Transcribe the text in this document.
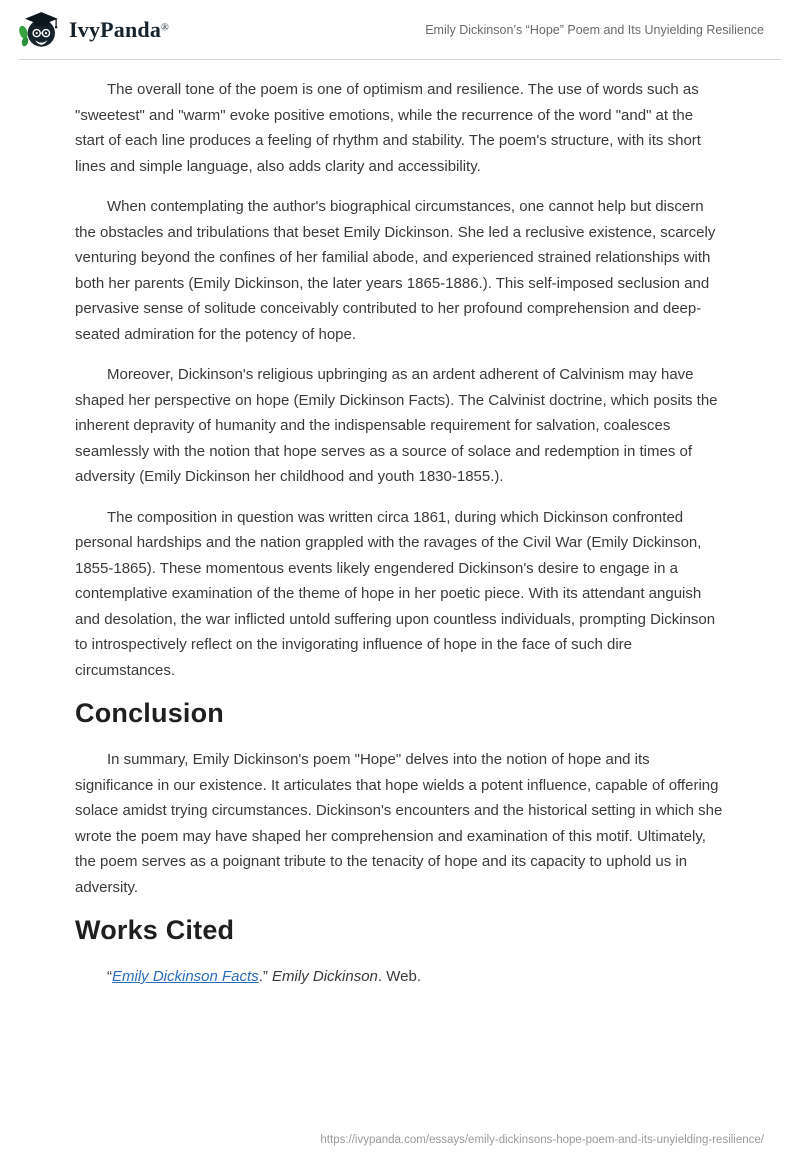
IvyPanda®	Emily Dickinson’s “Hope” Poem and Its Unyielding Resilience

The overall tone of the poem is one of optimism and resilience. The use of words such as "sweetest" and "warm" evoke positive emotions, while the recurrence of the word "and" at the start of each line produces a feeling of rhythm and stability. The poem's structure, with its short lines and simple language, also adds clarity and accessibility.

When contemplating the author's biographical circumstances, one cannot help but discern the obstacles and tribulations that beset Emily Dickinson. She led a reclusive existence, scarcely venturing beyond the confines of her familial abode, and experienced strained relationships with both her parents (Emily Dickinson, the later years 1865-1886.). This self-imposed seclusion and pervasive sense of solitude conceivably contributed to her profound comprehension and deep-seated admiration for the potency of hope.

Moreover, Dickinson's religious upbringing as an ardent adherent of Calvinism may have shaped her perspective on hope (Emily Dickinson Facts). The Calvinist doctrine, which posits the inherent depravity of humanity and the indispensable requirement for salvation, coalesces seamlessly with the notion that hope serves as a source of solace and redemption in times of adversity (Emily Dickinson her childhood and youth 1830-1855.).

The composition in question was written circa 1861, during which Dickinson confronted personal hardships and the nation grappled with the ravages of the Civil War (Emily Dickinson, 1855-1865). These momentous events likely engendered Dickinson's desire to engage in a contemplative examination of the theme of hope in her poetic piece. With its attendant anguish and desolation, the war inflicted untold suffering upon countless individuals, prompting Dickinson to introspectively reflect on the invigorating influence of hope in the face of such dire circumstances.

Conclusion

In summary, Emily Dickinson's poem "Hope" delves into the notion of hope and its significance in our existence. It articulates that hope wields a potent influence, capable of offering solace amidst trying circumstances. Dickinson's encounters and the historical setting in which she wrote the poem may have shaped her comprehension and examination of this motif. Ultimately, the poem serves as a poignant tribute to the tenacity of hope and its capacity to uphold us in adversity.

Works Cited

“Emily Dickinson Facts.” Emily Dickinson. Web.

https://ivypanda.com/essays/emily-dickinsons-hope-poem-and-its-unyielding-resilience/
